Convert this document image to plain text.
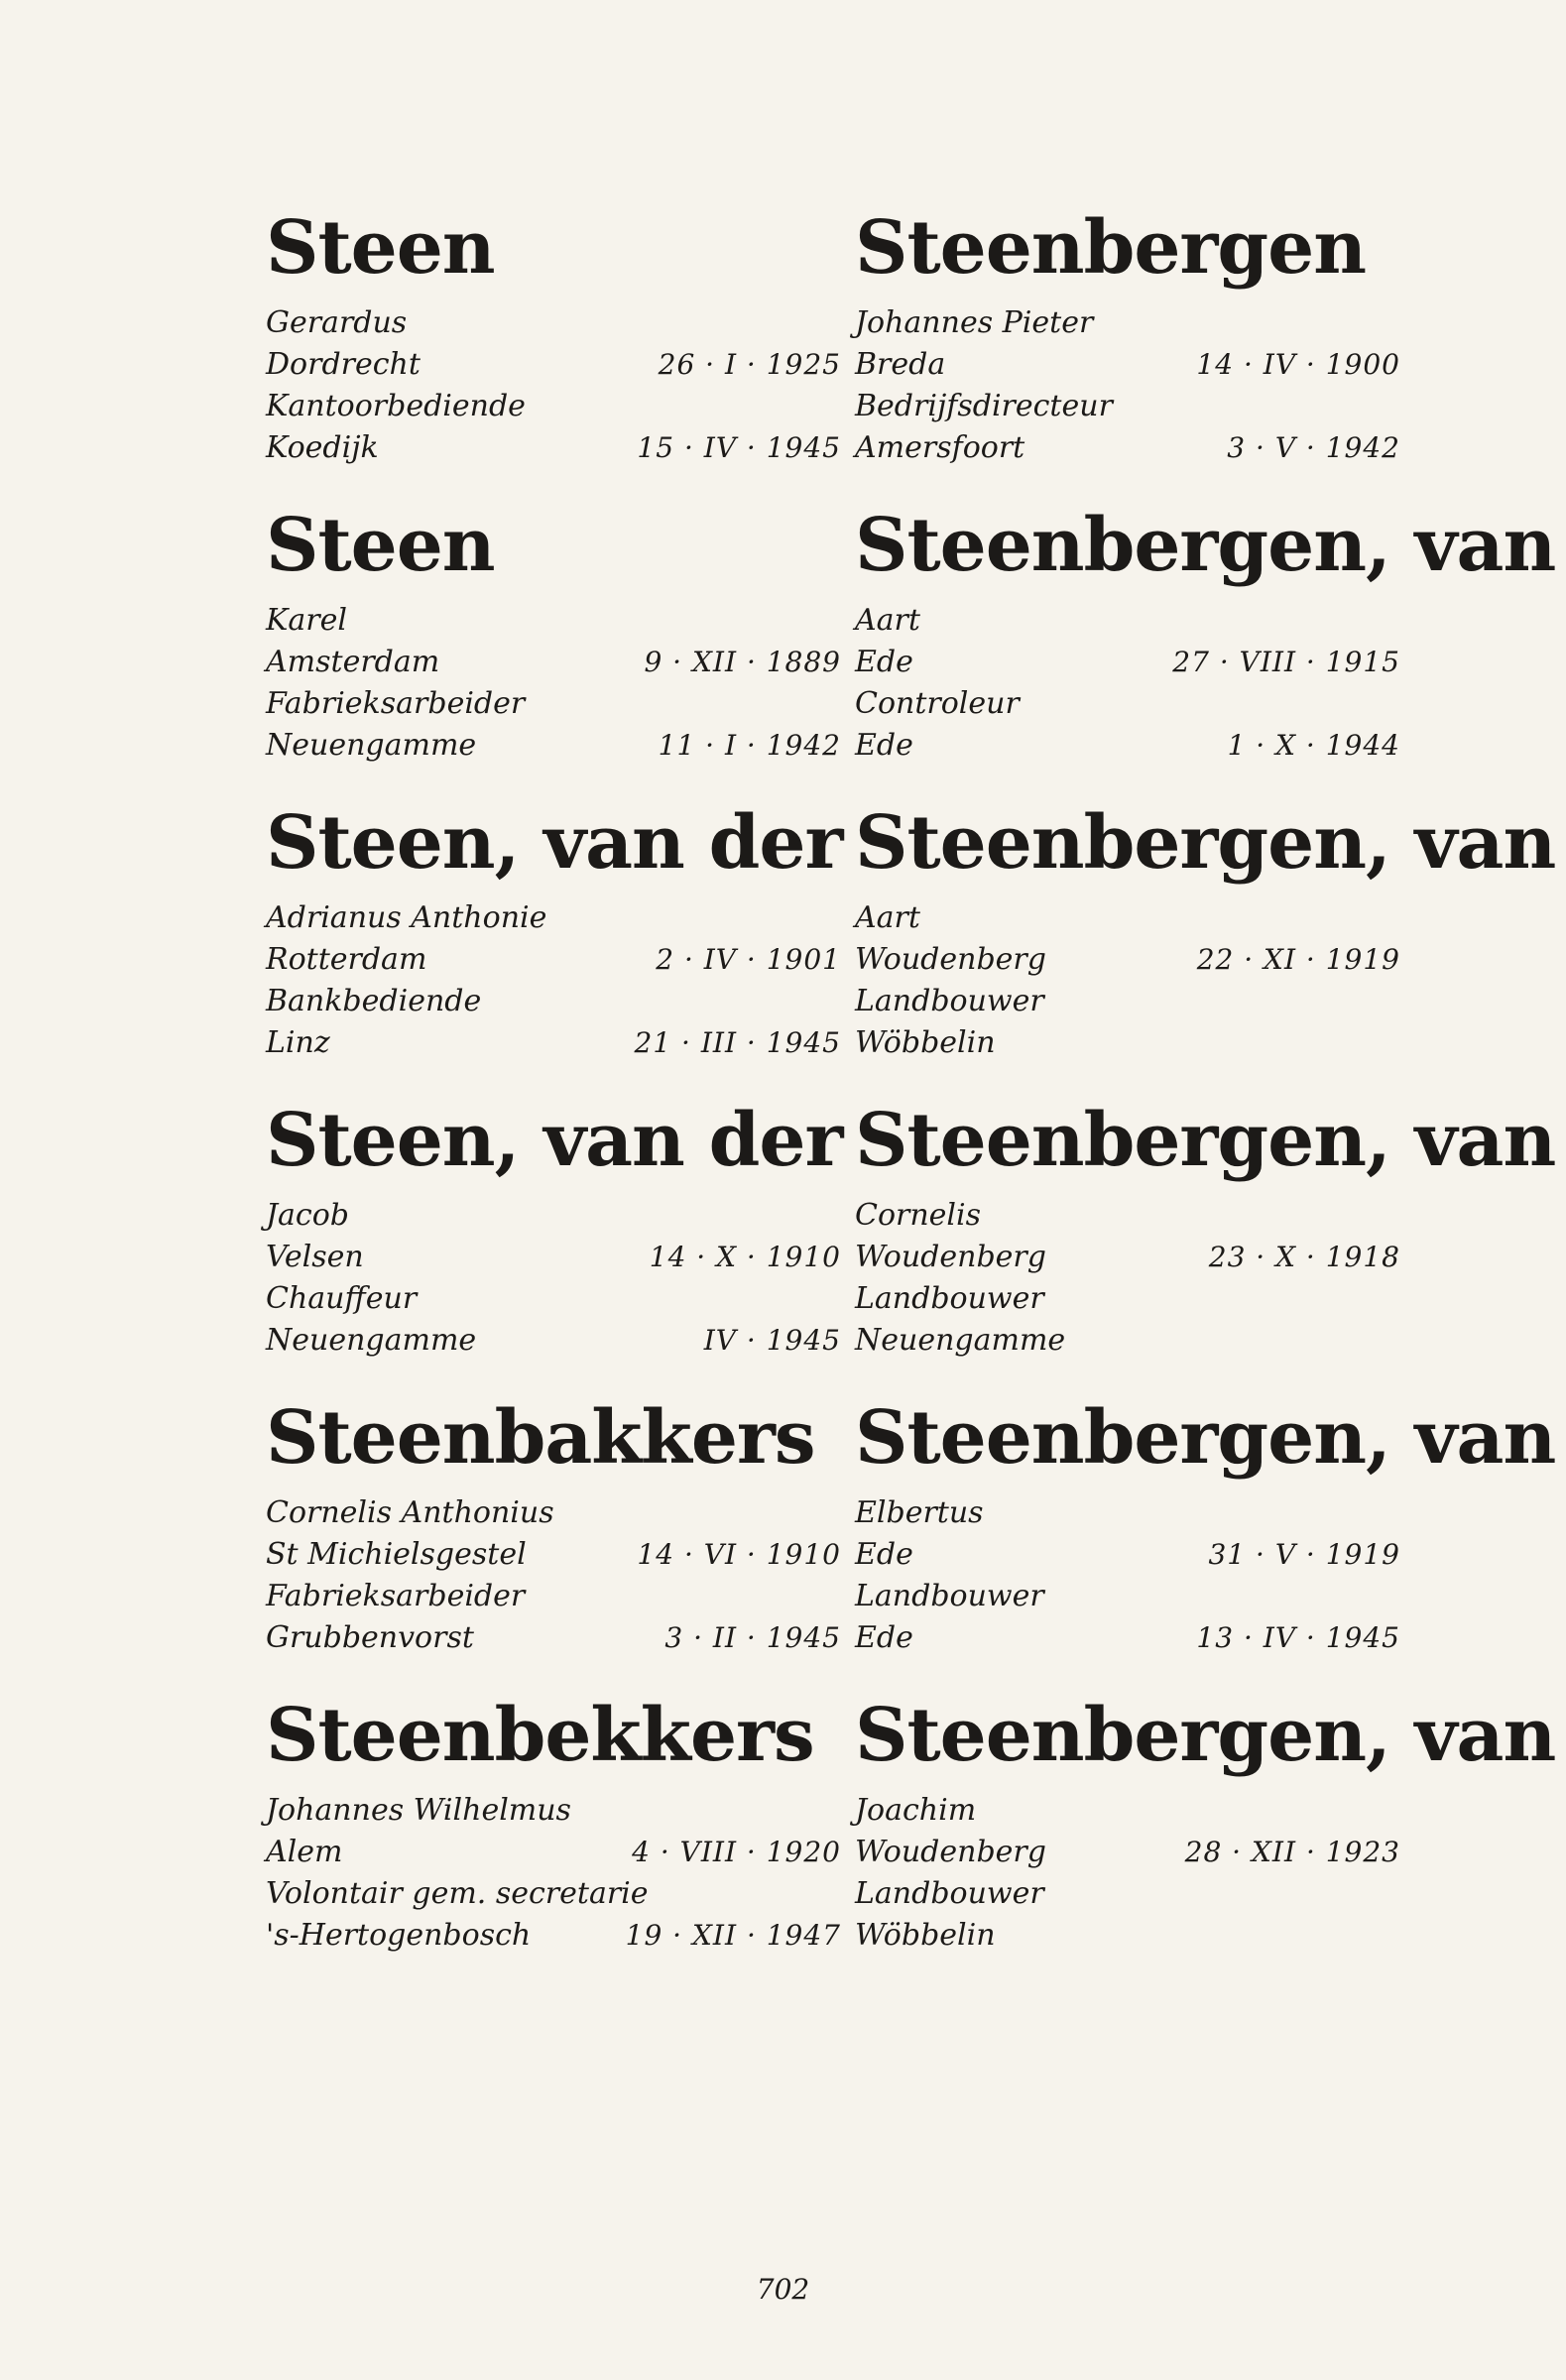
Steen
Gerardus
Dordrecht	26 · I · 1925
Kantoorbediende
Koedijk	15 · IV · 1945
Steen
Karel
Amsterdam	9 · XII · 1889
Fabrieksarbeider
Neuengamme	11 · I · 1942
Steen, van der
Adrianus Anthonie
Rotterdam	2 · IV · 1901
Bankbediende
Linz	21 · III · 1945
Steen, van der
Jacob
Velsen	14 · X · 1910
Chauffeur
Neuengamme	IV · 1945
Steenbakkers
Cornelis Anthonius
St Michielsgestel	14 · VI · 1910
Fabrieksarbeider
Grubbenvorst	3 · II · 1945
Steenbekkers
Johannes Wilhelmus
Alem	4 · VIII · 1920
Volontair gem. secretarie
's-Hertogenbosch	19 · XII · 1947
Steenbergen
Johannes Pieter
Breda	14 · IV · 1900
Bedrijfsdirecteur
Amersfoort	3 · V · 1942
Steenbergen, van
Aart
Ede	27 · VIII · 1915
Controleur
Ede	1 · X · 1944
Steenbergen, van
Aart
Woudenberg	22 · XI · 1919
Landbouwer
Wöbbelin
Steenbergen, van
Cornelis
Woudenberg	23 · X · 1918
Landbouwer
Neuengamme
Steenbergen, van
Elbertus
Ede	31 · V · 1919
Landbouwer
Ede	13 · IV · 1945
Steenbergen, van
Joachim
Woudenberg	28 · XII · 1923
Landbouwer
Wöbbelin
702
